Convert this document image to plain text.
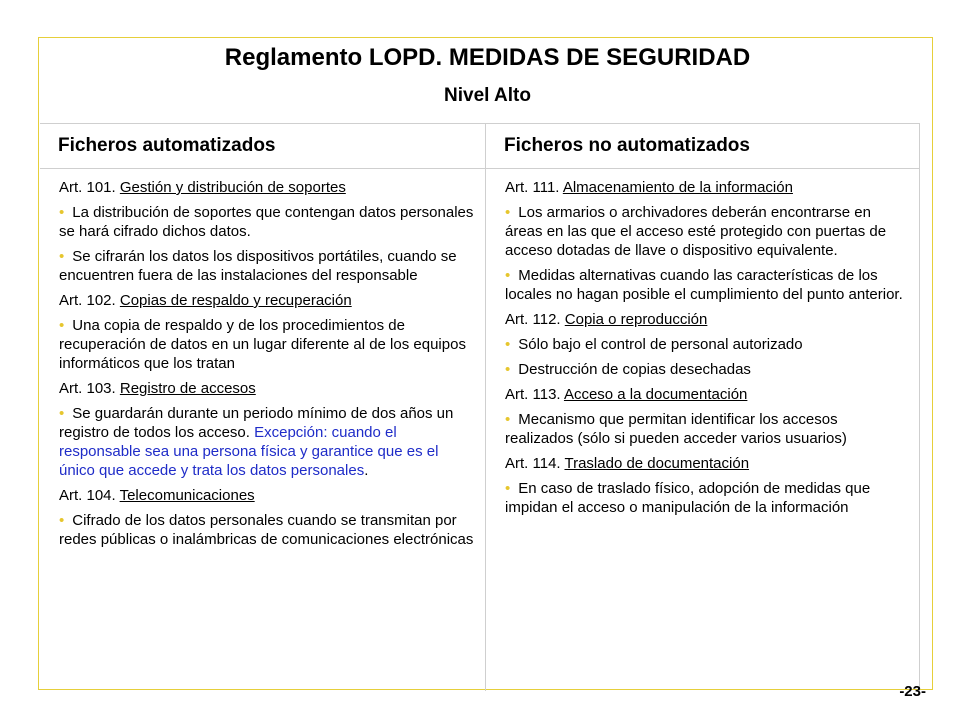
Reglamento LOPD. MEDIDAS DE SEGURIDAD
Nivel Alto
Ficheros automatizados
Art. 101. Gestión y distribución de soportes
• La distribución de soportes que contengan datos personales se hará cifrado dichos datos.
• Se cifrarán los datos los dispositivos portátiles, cuando se encuentren fuera de las instalaciones del responsable
Art. 102. Copias de respaldo y recuperación
• Una copia de respaldo y de los procedimientos de recuperación de datos en un lugar diferente al de los equipos informáticos que los tratan
Art. 103. Registro de accesos
• Se guardarán durante un periodo mínimo de dos años un registro de todos los acceso. Excepción: cuando el responsable sea una persona física y garantice que es el único que accede y trata los datos personales.
Art. 104. Telecomunicaciones
• Cifrado de los datos personales cuando se transmitan por redes públicas o inalámbricas de comunicaciones electrónicas
Ficheros no automatizados
Art. 111. Almacenamiento de la información
• Los armarios o archivadores deberán encontrarse en áreas en las que el acceso esté protegido con puertas de acceso dotadas de llave o dispositivo equivalente.
• Medidas alternativas cuando las características de los locales no hagan posible el cumplimiento del punto anterior.
Art. 112. Copia o reproducción
• Sólo bajo el control de personal autorizado
• Destrucción de copias desechadas
Art. 113. Acceso a la documentación
• Mecanismo que permitan identificar los accesos realizados (sólo si pueden acceder varios usuarios)
Art. 114. Traslado de documentación
• En caso de traslado físico, adopción de medidas que impidan el acceso o manipulación de la información
-23-
